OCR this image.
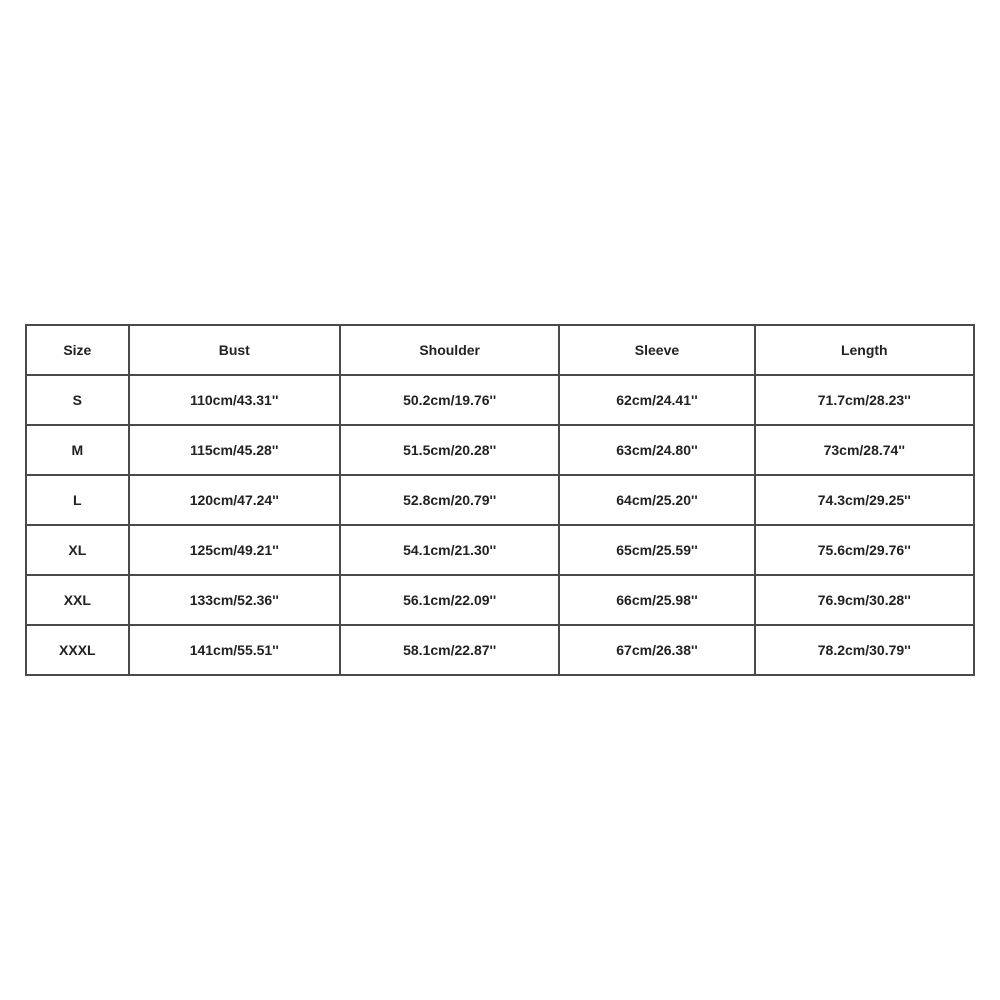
Size	Bust	Shoulder	Sleeve	Length
S	110cm/43.31''	50.2cm/19.76''	62cm/24.41''	71.7cm/28.23''
M	115cm/45.28''	51.5cm/20.28''	63cm/24.80''	73cm/28.74''
L	120cm/47.24''	52.8cm/20.79''	64cm/25.20''	74.3cm/29.25''
XL	125cm/49.21''	54.1cm/21.30''	65cm/25.59''	75.6cm/29.76''
XXL	133cm/52.36''	56.1cm/22.09''	66cm/25.98''	76.9cm/30.28''
XXXL	141cm/55.51''	58.1cm/22.87''	67cm/26.38''	78.2cm/30.79''
